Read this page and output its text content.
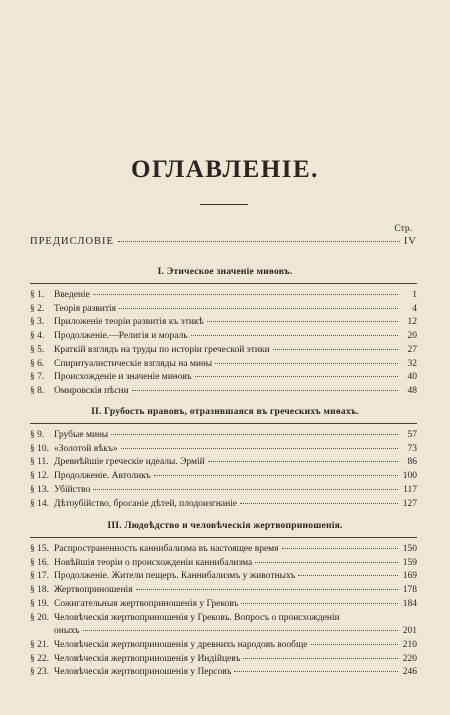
ОГЛАВЛЕНІЕ.
Стр.
ПРЕДИСЛОВІЕ	IV
I. Этическое значеніе миѳовъ.
§ 1.	Введеніе	1
§ 2.	Теорія развитія	4
§ 3.	Приложеніе теоріи развитія къ этикѣ	12
§ 4.	Продолженіе.—Религія и мораль	20
§ 5.	Краткій взглядъ на труды по исторіи греческой этики	27
§ 6.	Спиритуалистическіе взгляды на миѳы	32
§ 7.	Происхожденіе и значеніе миѳовъ	40
§ 8.	Омировскія пѣсни	48
II. Грубость нравовъ, отразившаяся въ греческихъ миѳахъ.
§ 9.	Грубые миѳы	57
§ 10. «Золотой вѣкъ»	73
§ 11. Древнѣйшіе греческіе идеалы. Эрмій	86
§ 12. Продолженіе. Автоликъ	100
§ 13. Убійство	117
§ 14. Дѣтоубійство, бросаніе дѣтей, плодоизгнаніе	127
III. Людоѣдство и человѣческія жертвоприношенія.
§ 15. Распространенность каннибализма въ настоящее время	150
§ 16. Новѣйшія теоріи о происхожденіи каннибализма	159
§ 17. Продолженіе. Жители пещеръ. Каннибализмъ у животныхъ	169
§ 18. Жертвоприношенія	178
§ 19. Сожигательныя жертвоприношенія у Грековъ	184
§ 20. Человѣческія жертвоприношенія у Грековъ. Вопросъ о происхожденіи
оныхъ	201
§ 21. Человѣческія жертвоприношенія у древнихъ народовъ вообще	210
§ 22. Человѣческія жертвоприношенія у Индійцевъ	220
§ 23. Человѣческія жертвоприношенія у Персовъ	246
